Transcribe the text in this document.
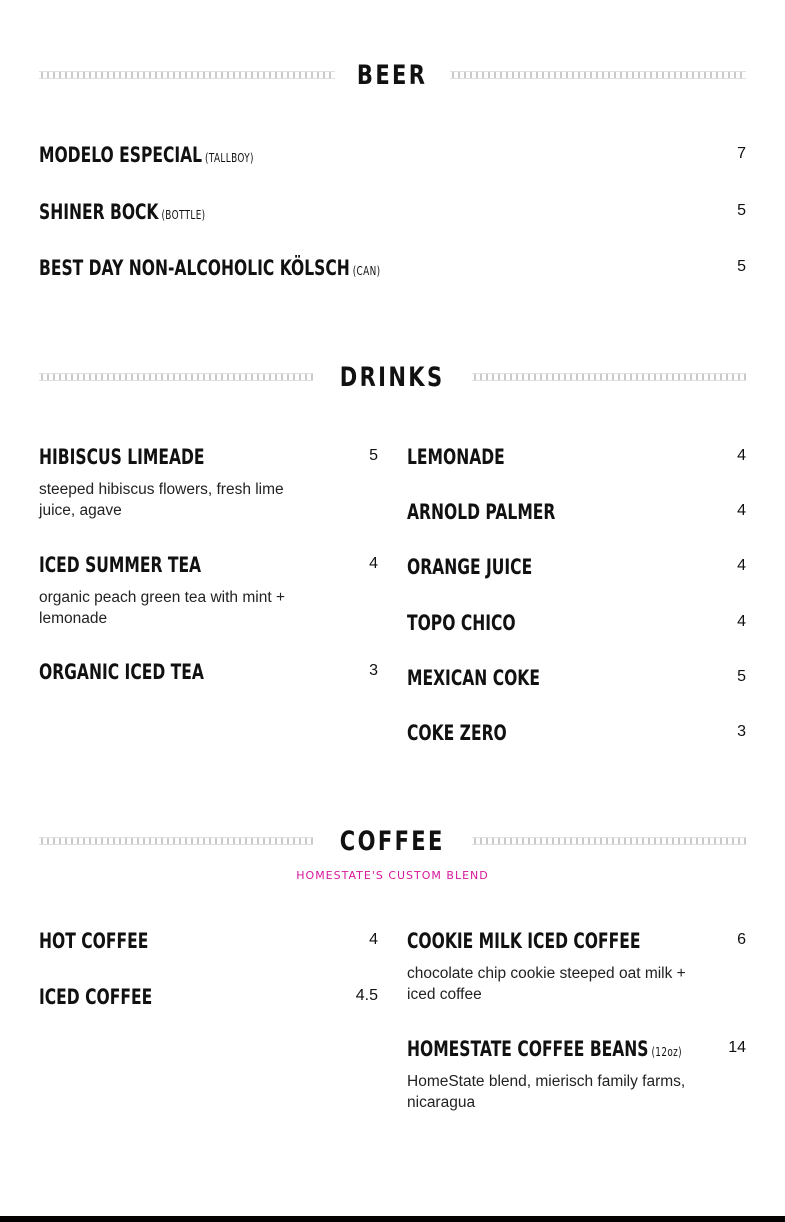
BEER
MODELO ESPECIAL (TALLBOY)	7
SHINER BOCK (BOTTLE)	5
BEST DAY NON-ALCOHOLIC KÖLSCH (CAN)	5
DRINKS
HIBISCUS LIMEADE	5
steeped hibiscus flowers, fresh lime juice, agave
ICED SUMMER TEA	4
organic peach green tea with mint + lemonade
ORGANIC ICED TEA	3
LEMONADE	4
ARNOLD PALMER	4
ORANGE JUICE	4
TOPO CHICO	4
MEXICAN COKE	5
COKE ZERO	3
COFFEE
HOMESTATE'S CUSTOM BLEND
HOT COFFEE	4
ICED COFFEE	4.5
COOKIE MILK ICED COFFEE	6
chocolate chip cookie steeped oat milk + iced coffee
HOMESTATE COFFEE BEANS (12oz)	14
HomeState blend, mierisch family farms, nicaragua
